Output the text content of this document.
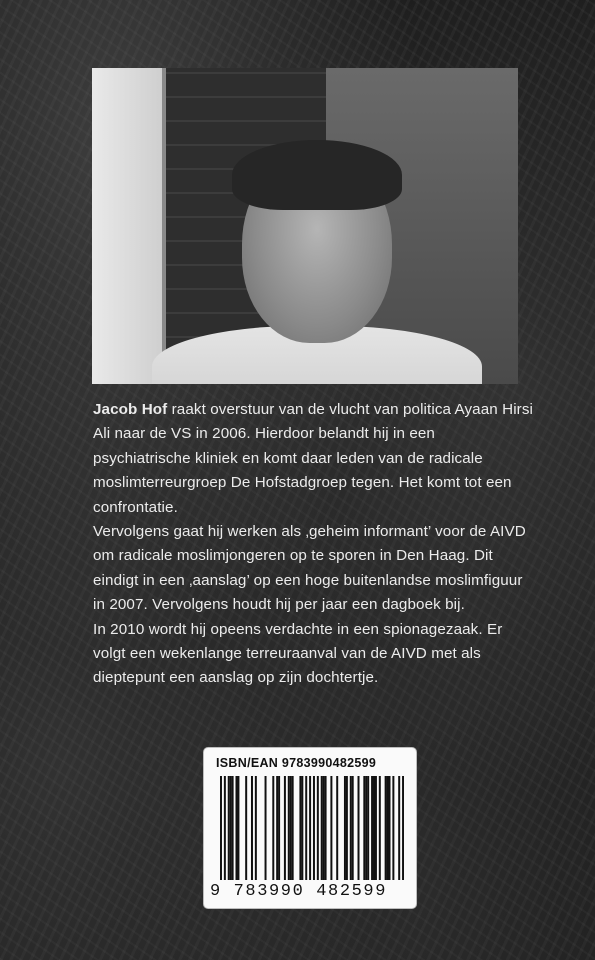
Jacob Hof raakt overstuur van de vlucht van politica Ayaan Hirsi Ali naar de VS in 2006. Hierdoor belandt hij in een psychiatrische kliniek en komt daar leden van de radicale moslimterreurgroep De Hofstadgroep tegen. Het komt tot een confrontatie.

Vervolgens gaat hij werken als ‚geheim informant’ voor de AIVD om radicale moslimjongeren op te sporen in Den Haag. Dit eindigt in een ‚aanslag’ op een hoge buitenlandse moslimfiguur in 2007. Vervolgens houdt hij per jaar een dagboek bij.

In 2010 wordt hij opeens verdachte in een spionagezaak. Er volgt een wekenlange terreuraanval van de AIVD met als dieptepunt een aanslag op zijn dochtertje.

ISBN/EAN 9783990482599
9 783990 482599
